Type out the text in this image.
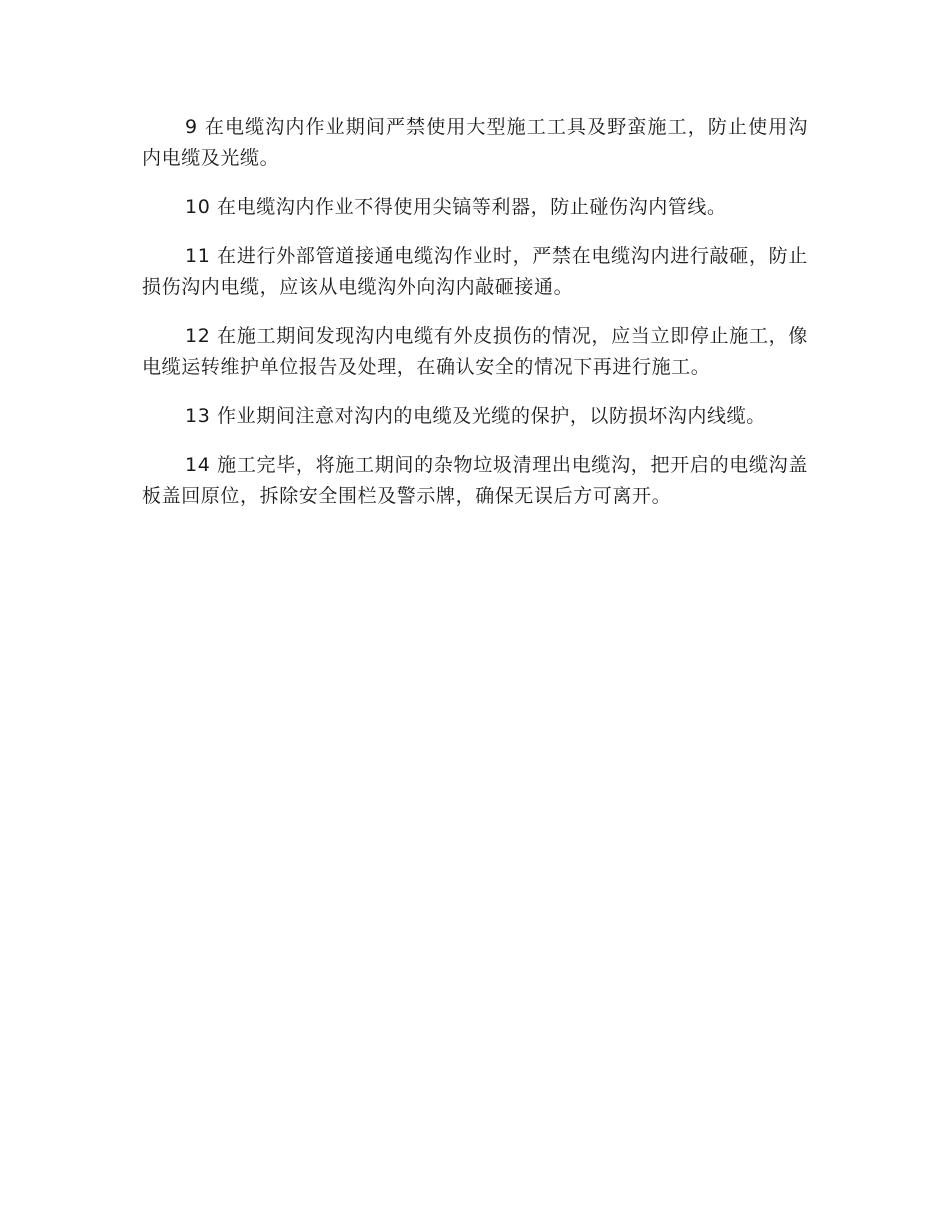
9 在电缆沟内作业期间严禁使用大型施工工具及野蛮施工，防止使用沟内电缆及光缆。

10 在电缆沟内作业不得使用尖镐等利器，防止碰伤沟内管线。

11 在进行外部管道接通电缆沟作业时，严禁在电缆沟内进行敲砸，防止损伤沟内电缆，应该从电缆沟外向沟内敲砸接通。

12 在施工期间发现沟内电缆有外皮损伤的情况，应当立即停止施工，像电缆运转维护单位报告及处理，在确认安全的情况下再进行施工。

13 作业期间注意对沟内的电缆及光缆的保护，以防损坏沟内线缆。

14 施工完毕，将施工期间的杂物垃圾清理出电缆沟，把开启的电缆沟盖板盖回原位，拆除安全围栏及警示牌，确保无误后方可离开。
